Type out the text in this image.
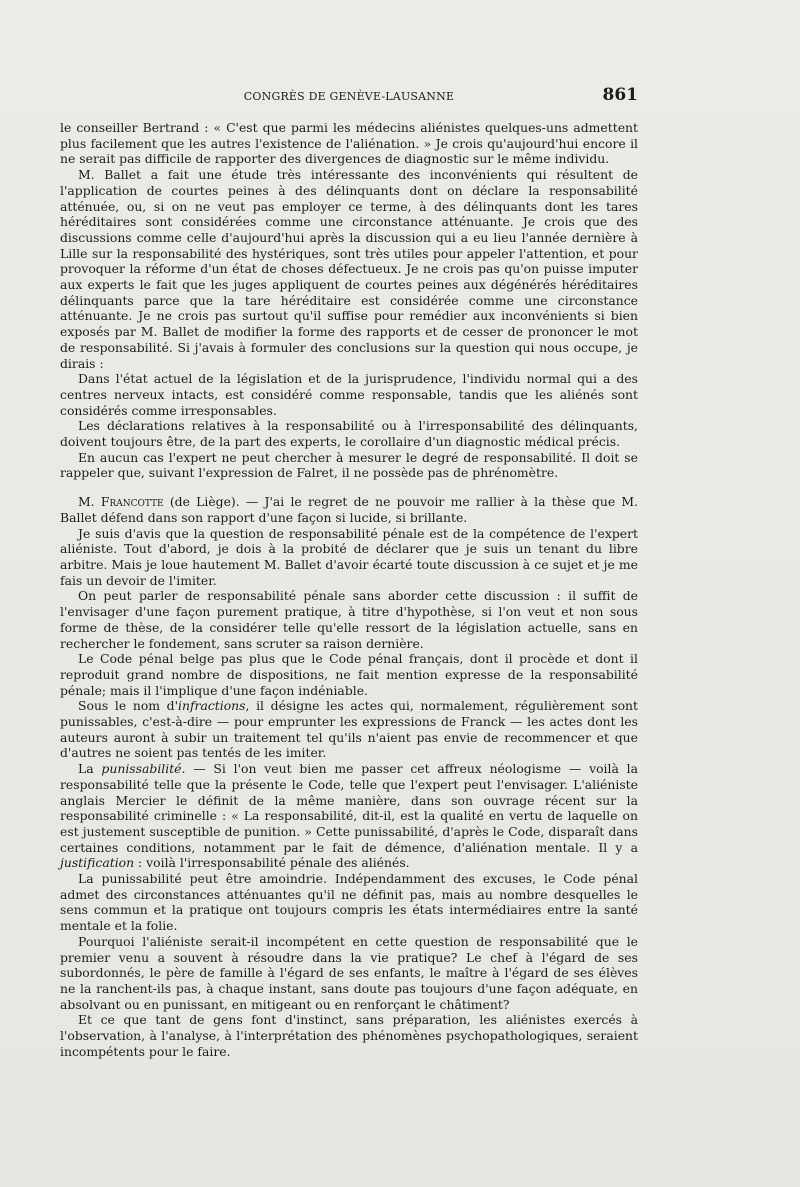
CONGRÈS DE GENÈVE-LAUSANNE	861

le conseiller Bertrand : « C'est que parmi les médecins aliénistes quelques-uns admettent plus facilement que les autres l'existence de l'aliénation. » Je crois qu'aujourd'hui encore il ne serait pas difficile de rapporter des divergences de diagnostic sur le même individu.

M. Ballet a fait une étude très intéressante des inconvénients qui résultent de l'application de courtes peines à des délinquants dont on déclare la responsabilité atténuée, ou, si on ne veut pas employer ce terme, à des délinquants dont les tares héréditaires sont considérées comme une circonstance atténuante. Je crois que des discussions comme celle d'aujourd'hui après la discussion qui a eu lieu l'année dernière à Lille sur la responsabilité des hystériques, sont très utiles pour appeler l'attention, et pour provoquer la réforme d'un état de choses défectueux. Je ne crois pas qu'on puisse imputer aux experts le fait que les juges appliquent de courtes peines aux dégénérés héréditaires délinquants parce que la tare héréditaire est considérée comme une circonstance atténuante. Je ne crois pas surtout qu'il suffise pour remédier aux inconvénients si bien exposés par M. Ballet de modifier la forme des rapports et de cesser de prononcer le mot de responsabilité. Si j'avais à formuler des conclusions sur la question qui nous occupe, je dirais :

Dans l'état actuel de la législation et de la jurisprudence, l'individu normal qui a des centres nerveux intacts, est considéré comme responsable, tandis que les aliénés sont considérés comme irresponsables.

Les déclarations relatives à la responsabilité ou à l'irresponsabilité des délinquants, doivent toujours être, de la part des experts, le corollaire d'un diagnostic médical précis.

En aucun cas l'expert ne peut chercher à mesurer le degré de responsabilité. Il doit se rappeler que, suivant l'expression de Falret, il ne possède pas de phrénomètre.

M. Francotte (de Liège). — J'ai le regret de ne pouvoir me rallier à la thèse que M. Ballet défend dans son rapport d'une façon si lucide, si brillante.

Je suis d'avis que la question de responsabilité pénale est de la compétence de l'expert aliéniste. Tout d'abord, je dois à la probité de déclarer que je suis un tenant du libre arbitre. Mais je loue hautement M. Ballet d'avoir écarté toute discussion à ce sujet et je me fais un devoir de l'imiter.

On peut parler de responsabilité pénale sans aborder cette discussion : il suffit de l'envisager d'une façon purement pratique, à titre d'hypothèse, si l'on veut et non sous forme de thèse, de la considérer telle qu'elle ressort de la législation actuelle, sans en rechercher le fondement, sans scruter sa raison dernière.

Le Code pénal belge pas plus que le Code pénal français, dont il procède et dont il reproduit grand nombre de dispositions, ne fait mention expresse de la responsabilité pénale; mais il l'implique d'une façon indéniable.

Sous le nom d'infractions, il désigne les actes qui, normalement, régulièrement sont punissables, c'est-à-dire — pour emprunter les expressions de Franck — les actes dont les auteurs auront à subir un traitement tel qu'ils n'aient pas envie de recommencer et que d'autres ne soient pas tentés de les imiter.

La punissabilité. — Si l'on veut bien me passer cet affreux néologisme — voilà la responsabilité telle que la présente le Code, telle que l'expert peut l'envisager. L'aliéniste anglais Mercier le définit de la même manière, dans son ouvrage récent sur la responsabilité criminelle : « La responsabilité, dit-il, est la qualité en vertu de laquelle on est justement susceptible de punition. » Cette punissabilité, d'après le Code, disparaît dans certaines conditions, notamment par le fait de démence, d'aliénation mentale. Il y a justification : voilà l'irresponsabilité pénale des aliénés.

La punissabilité peut être amoindrie. Indépendamment des excuses, le Code pénal admet des circonstances atténuantes qu'il ne définit pas, mais au nombre desquelles le sens commun et la pratique ont toujours compris les états intermédiaires entre la santé mentale et la folie.

Pourquoi l'aliéniste serait-il incompétent en cette question de responsabilité que le premier venu a souvent à résoudre dans la vie pratique? Le chef à l'égard de ses subordonnés, le père de famille à l'égard de ses enfants, le maître à l'égard de ses élèves ne la ranchent-ils pas, à chaque instant, sans doute pas toujours d'une façon adéquate, en absolvant ou en punissant, en mitigeant ou en renforçant le châtiment?

Et ce que tant de gens font d'instinct, sans préparation, les aliénistes exercés à l'observation, à l'analyse, à l'interprétation des phénomènes psychopathologiques, seraient incompétents pour le faire.
